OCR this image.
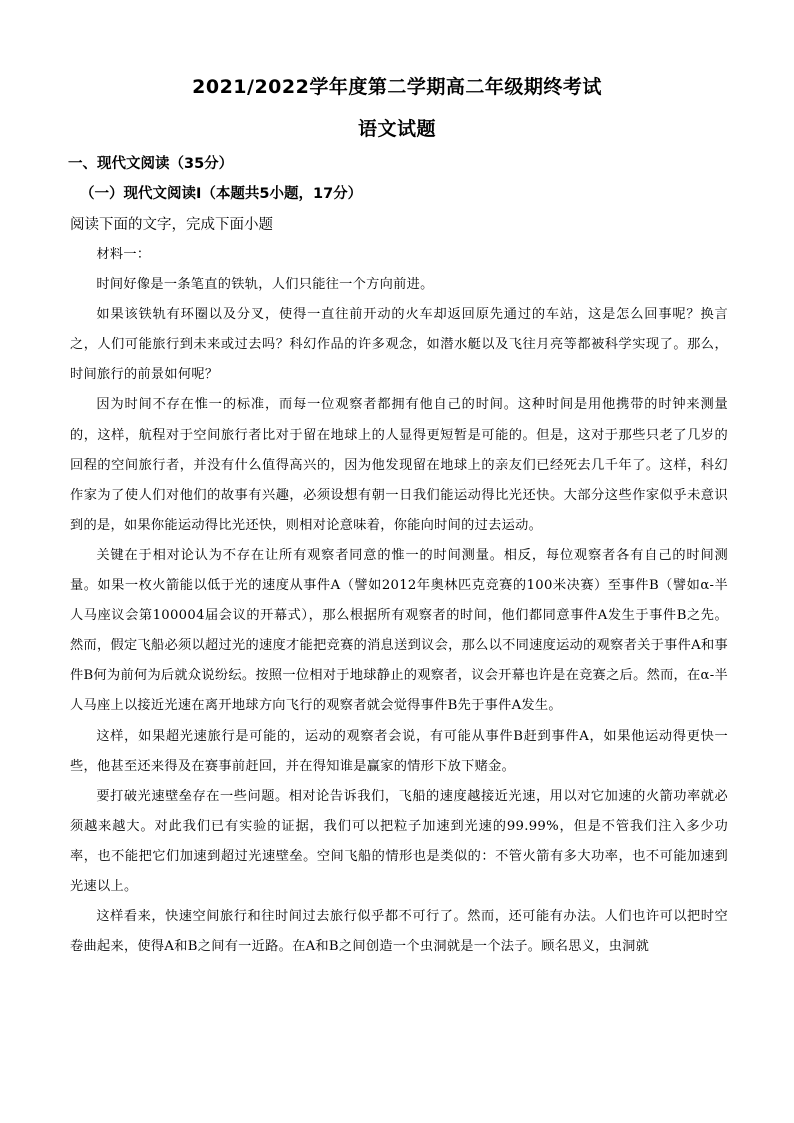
2021/2022学年度第二学期高二年级期终考试
语文试题
一、现代文阅读（35分）
（一）现代文阅读Ⅰ（本题共5小题，17分）
阅读下面的文字，完成下面小题

材料一：

时间好像是一条笔直的铁轨，人们只能往一个方向前进。

如果该铁轨有环圈以及分叉，使得一直往前开动的火车却返回原先通过的车站，这是怎么回事呢？换言之，人们可能旅行到未来或过去吗？科幻作品的许多观念，如潜水艇以及飞往月亮等都被科学实现了。那么，时间旅行的前景如何呢？

因为时间不存在惟一的标准，而每一位观察者都拥有他自己的时间。这种时间是用他携带的时钟来测量的，这样，航程对于空间旅行者比对于留在地球上的人显得更短暂是可能的。但是，这对于那些只老了几岁的回程的空间旅行者，并没有什么值得高兴的，因为他发现留在地球上的亲友们已经死去几千年了。这样，科幻作家为了使人们对他们的故事有兴趣，必须设想有朝一日我们能运动得比光还快。大部分这些作家似乎未意识到的是，如果你能运动得比光还快，则相对论意味着，你能向时间的过去运动。

关键在于相对论认为不存在让所有观察者同意的惟一的时间测量。相反，每位观察者各有自己的时间测量。如果一枚火箭能以低于光的速度从事件A（譬如2012年奥林匹克竞赛的100米决赛）至事件B（譬如α-半人马座议会第100004届会议的开幕式），那么根据所有观察者的时间，他们都同意事件A发生于事件B之先。然而，假定飞船必须以超过光的速度才能把竞赛的消息送到议会，那么以不同速度运动的观察者关于事件A和事件B何为前何为后就众说纷纭。按照一位相对于地球静止的观察者，议会开幕也许是在竞赛之后。然而，在α-半人马座上以接近光速在离开地球方向飞行的观察者就会觉得事件B先于事件A发生。

这样，如果超光速旅行是可能的，运动的观察者会说，有可能从事件B赶到事件A，如果他运动得更快一些，他甚至还来得及在赛事前赶回，并在得知谁是赢家的情形下放下赌金。

要打破光速壁垒存在一些问题。相对论告诉我们，飞船的速度越接近光速，用以对它加速的火箭功率就必须越来越大。对此我们已有实验的证据，我们可以把粒子加速到光速的99.99%，但是不管我们注入多少功率，也不能把它们加速到超过光速壁垒。空间飞船的情形也是类似的：不管火箭有多大功率，也不可能加速到光速以上。

这样看来，快速空间旅行和往时间过去旅行似乎都不可行了。然而，还可能有办法。人们也许可以把时空卷曲起来，使得A和B之间有一近路。在A和B之间创造一个虫洞就是一个法子。顾名思义，虫洞就
